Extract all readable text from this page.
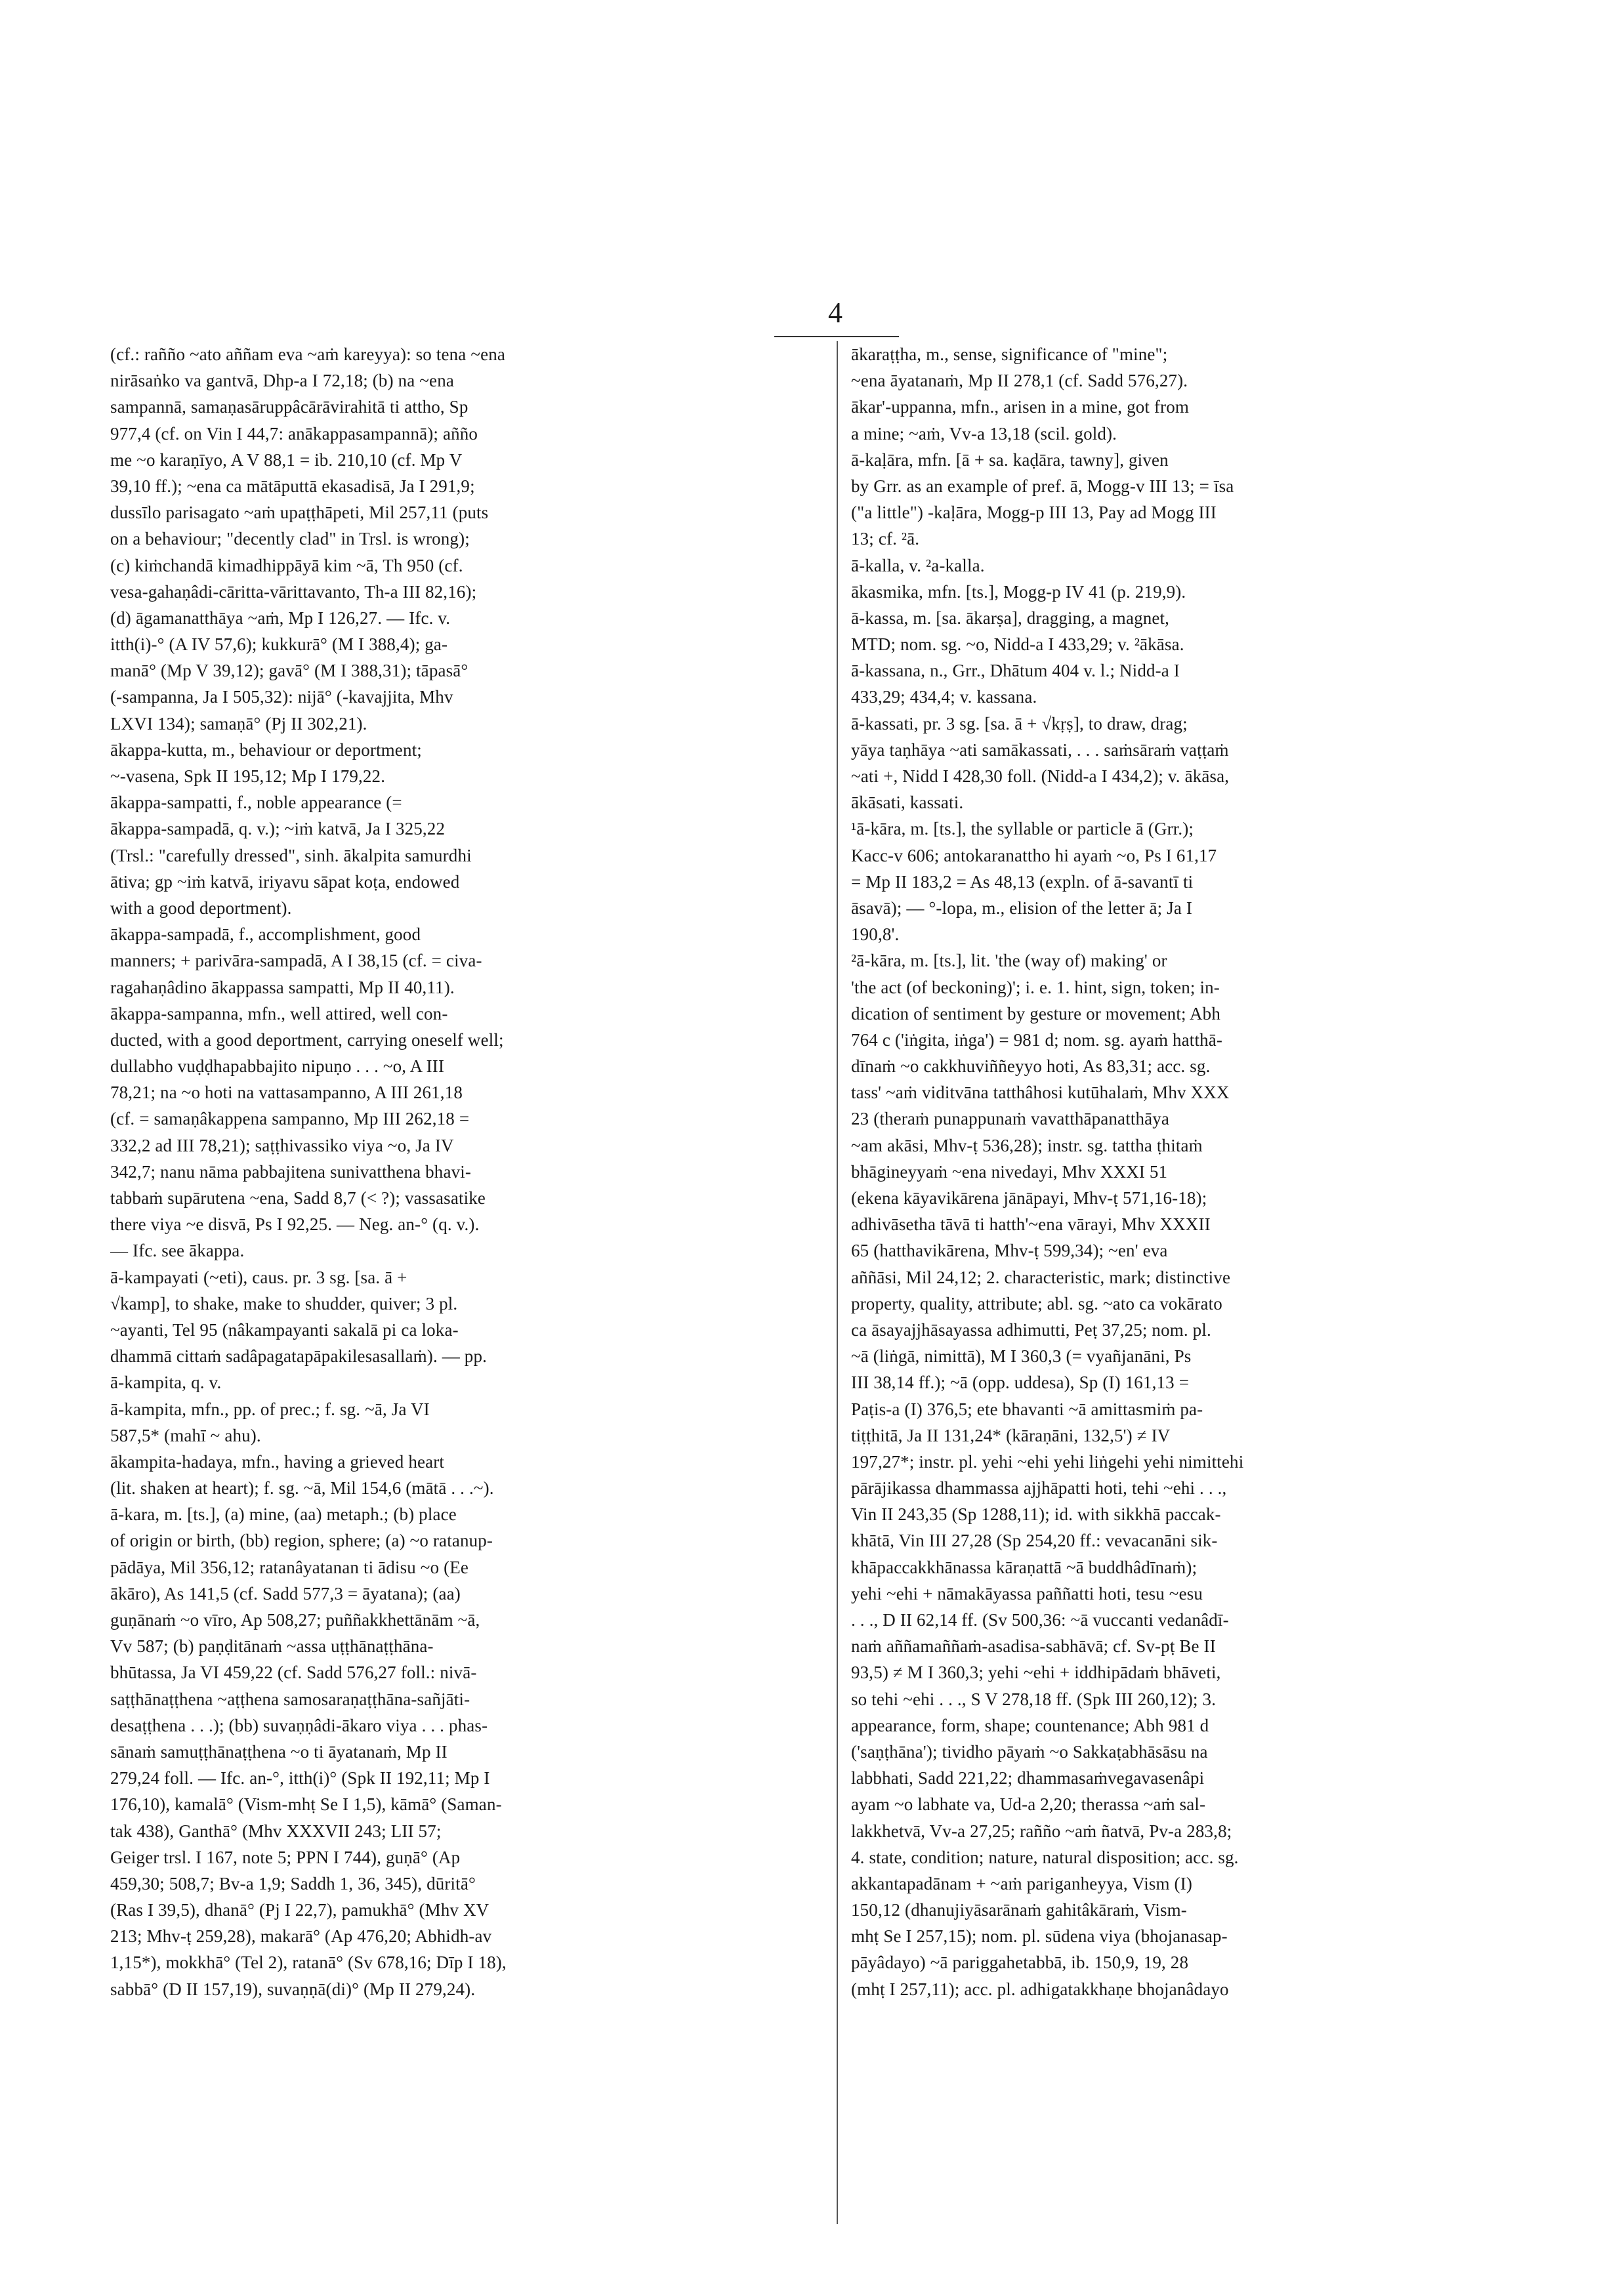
4
(cf.: rañño ~ato aññam eva ~aṁ kareyya): so tena ~ena
nirāsaṅko va gantvā, Dhp-a I 72,18; (b) na ~ena
sampannā, samaṇasāruppâcārāvirahitā ti attho, Sp
977,4 (cf. on Vin I 44,7: anākappasampannā); añño
me ~o karaṇīyo, A V 88,1 = ib. 210,10 (cf. Mp V
39,10 ff.); ~ena ca mātāputtā ekasadisā, Ja I 291,9;
dussīlo parisagato ~aṁ upaṭṭhāpeti, Mil 257,11 (puts
on a behaviour; "decently clad" in Trsl. is wrong);
(c) kiṁchandā kimadhippāyā kim ~ā, Th 950 (cf.
vesa-gahaṇâdi-cāritta-vārittavanto, Th-a III 82,16);
(d) āgamanatthāya ~aṁ, Mp I 126,27. — Ifc. v.
itth(i)-° (A IV 57,6); kukkurā° (M I 388,4); ga-
manā° (Mp V 39,12); gavā° (M I 388,31); tāpasā°
(-sampanna, Ja I 505,32): nijā° (-kavajjita, Mhv
LXVI 134); samaṇā° (Pj II 302,21).
ākappa-kutta, m., behaviour or deportment;
~-vasena, Spk II 195,12; Mp I 179,22.
ākappa-sampatti, f., noble appearance (=
ākappa-sampadā, q. v.); ~iṁ katvā, Ja I 325,22
(Trsl.: "carefully dressed", sinh. ākalpita samurdhi
ātiva; gp ~iṁ katvā, iriyavu sāpat koṭa, endowed
with a good deportment).
ākappa-sampadā, f., accomplishment, good
manners; + parivāra-sampadā, A I 38,15 (cf. = civa-
ragahaṇâdino ākappassa sampatti, Mp II 40,11).
ākappa-sampanna, mfn., well attired, well con-
ducted, with a good deportment, carrying oneself well;
dullabho vuḍḍhapabbajito nipuṇo . . . ~o, A III
78,21; na ~o hoti na vattasampanno, A III 261,18
(cf. = samaṇâkappena sampanno, Mp III 262,18 =
332,2 ad III 78,21); saṭṭhivassiko viya ~o, Ja IV
342,7; nanu nāma pabbajitena sunivatthena bhavi-
tabbaṁ supārutena ~ena, Sadd 8,7 (< ?); vassasatike
there viya ~e disvā, Ps I 92,25. — Neg. an-° (q. v.).
— Ifc. see ākappa.
ā-kampayati (~eti), caus. pr. 3 sg. [sa. ā +
√kamp], to shake, make to shudder, quiver; 3 pl.
~ayanti, Tel 95 (nâkampayanti sakalā pi ca loka-
dhammā cittaṁ sadâpagatapāpakilesasallaṁ). — pp.
ā-kampita, q. v.
ā-kampita, mfn., pp. of prec.; f. sg. ~ā, Ja VI
587,5* (mahī ~ ahu).
ākampita-hadaya, mfn., having a grieved heart
(lit. shaken at heart); f. sg. ~ā, Mil 154,6 (mātā . . .~).
ā-kara, m. [ts.], (a) mine, (aa) metaph.; (b) place
of origin or birth, (bb) region, sphere; (a) ~o ratanup-
pādāya, Mil 356,12; ratanâyatanan ti ādisu ~o (Ee
ākāro), As 141,5 (cf. Sadd 577,3 = āyatana); (aa)
guṇānaṁ ~o vīro, Ap 508,27; puññakkhettānām ~ā,
Vv 587; (b) paṇḍitānaṁ ~assa uṭṭhānaṭṭhāna-
bhūtassa, Ja VI 459,22 (cf. Sadd 576,27 foll.: nivā-
saṭṭhānaṭṭhena ~aṭṭhena samosaraṇaṭṭhāna-sañjāti-
desaṭṭhena . . .); (bb) suvaṇṇâdi-ākaro viya . . . phas-
sānaṁ samuṭṭhānaṭṭhena ~o ti āyatanaṁ, Mp II
279,24 foll. — Ifc. an-°, itth(i)° (Spk II 192,11; Mp I
176,10), kamalā° (Vism-mhṭ Se I 1,5), kāmā° (Saman-
tak 438), Ganthā° (Mhv XXXVII 243; LII 57;
Geiger trsl. I 167, note 5; PPN I 744), guṇā° (Ap
459,30; 508,7; Bv-a 1,9; Saddh 1, 36, 345), dūritā°
(Ras I 39,5), dhanā° (Pj I 22,7), pamukhā° (Mhv XV
213; Mhv-ṭ 259,28), makarā° (Ap 476,20; Abhidh-av
1,15*), mokkhā° (Tel 2), ratanā° (Sv 678,16; Dīp I 18),
sabbā° (D II 157,19), suvaṇṇā(di)° (Mp II 279,24).
ākaraṭṭha, m., sense, significance of "mine";
~ena āyatanaṁ, Mp II 278,1 (cf. Sadd 576,27).
ākar'-uppanna, mfn., arisen in a mine, got from
a mine; ~aṁ, Vv-a 13,18 (scil. gold).
ā-kaḷāra, mfn. [ā + sa. kaḍāra, tawny], given
by Grr. as an example of pref. ā, Mogg-v III 13; = īsa
("a little") -kaḷāra, Mogg-p III 13, Pay ad Mogg III
13; cf. ²ā.
ā-kalla, v. ²a-kalla.
ākasmika, mfn. [ts.], Mogg-p IV 41 (p. 219,9).
ā-kassa, m. [sa. ākarṣa], dragging, a magnet,
MTD; nom. sg. ~o, Nidd-a I 433,29; v. ²ākāsa.
ā-kassana, n., Grr., Dhātum 404 v. l.; Nidd-a I
433,29; 434,4; v. kassana.
ā-kassati, pr. 3 sg. [sa. ā + √kṛṣ], to draw, drag;
yāya taṇhāya ~ati samākassati, . . . saṁsāraṁ vaṭṭaṁ
~ati +, Nidd I 428,30 foll. (Nidd-a I 434,2); v. ākāsa,
ākāsati, kassati.
¹ā-kāra, m. [ts.], the syllable or particle ā (Grr.);
Kacc-v 606; antokaranattho hi ayaṁ ~o, Ps I 61,17
= Mp II 183,2 = As 48,13 (expln. of ā-savantī ti
āsavā); — °-lopa, m., elision of the letter ā; Ja I
190,8'.
²ā-kāra, m. [ts.], lit. 'the (way of) making' or
'the act (of beckoning)'; i. e. 1. hint, sign, token; in-
dication of sentiment by gesture or movement; Abh
764 c ('iṅgita, iṅga') = 981 d; nom. sg. ayaṁ hatthā-
dīnaṁ ~o cakkhuviññeyyo hoti, As 83,31; acc. sg.
tass' ~aṁ viditvāna tatthâhosi kutūhalaṁ, Mhv XXX
23 (theraṁ punappunaṁ vavatthāpanatthāya
~am akāsi, Mhv-ṭ 536,28); instr. sg. tattha ṭhitaṁ
bhāgineyyaṁ ~ena nivedayi, Mhv XXXI 51
(ekena kāyavikārena jānāpayi, Mhv-ṭ 571,16-18);
adhivāsetha tāvā ti hatth'~ena vārayi, Mhv XXXII
65 (hatthavikārena, Mhv-ṭ 599,34); ~en' eva
aññāsi, Mil 24,12; 2. characteristic, mark; distinctive
property, quality, attribute; abl. sg. ~ato ca vokārato
ca āsayajjhāsayassa adhimutti, Peṭ 37,25; nom. pl.
~ā (liṅgā, nimittā), M I 360,3 (= vyañjanāni, Ps
III 38,14 ff.); ~ā (opp. uddesa), Sp (I) 161,13 =
Paṭis-a (I) 376,5; ete bhavanti ~ā amittasmiṁ pa-
tiṭṭhitā, Ja II 131,24* (kāraṇāni, 132,5') ≠ IV
197,27*; instr. pl. yehi ~ehi yehi liṅgehi yehi nimittehi
pārājikassa dhammassa ajjhāpatti hoti, tehi ~ehi . . .,
Vin II 243,35 (Sp 1288,11); id. with sikkhā paccak-
khātā, Vin III 27,28 (Sp 254,20 ff.: vevacanāni sik-
khāpaccakkhānassa kāraṇattā ~ā buddhâdīnaṁ);
yehi ~ehi + nāmakāyassa paññatti hoti, tesu ~esu
. . ., D II 62,14 ff. (Sv 500,36: ~ā vuccanti vedanâdī-
naṁ aññamaññaṁ-asadisa-sabhāvā; cf. Sv-pṭ Be II
93,5) ≠ M I 360,3; yehi ~ehi + iddhipādaṁ bhāveti,
so tehi ~ehi . . ., S V 278,18 ff. (Spk III 260,12); 3.
appearance, form, shape; countenance; Abh 981 d
('saṇṭhāna'); tividho pāyaṁ ~o Sakkaṭabhāsāsu na
labbhati, Sadd 221,22; dhammasaṁvegavasenâpi
ayam ~o labhate va, Ud-a 2,20; therassa ~aṁ sal-
lakkhetvā, Vv-a 27,25; rañño ~aṁ ñatvā, Pv-a 283,8;
4. state, condition; nature, natural disposition; acc. sg.
akkantapadānam + ~aṁ pariganheyya, Vism (I)
150,12 (dhanujiyāsarānaṁ gahitâkāraṁ, Vism-
mhṭ Se I 257,15); nom. pl. sūdena viya (bhojanasap-
pāyâdayo) ~ā pariggahetabbā, ib. 150,9, 19, 28
(mhṭ I 257,11); acc. pl. adhigatakkhaṇe bhojanâdayo
